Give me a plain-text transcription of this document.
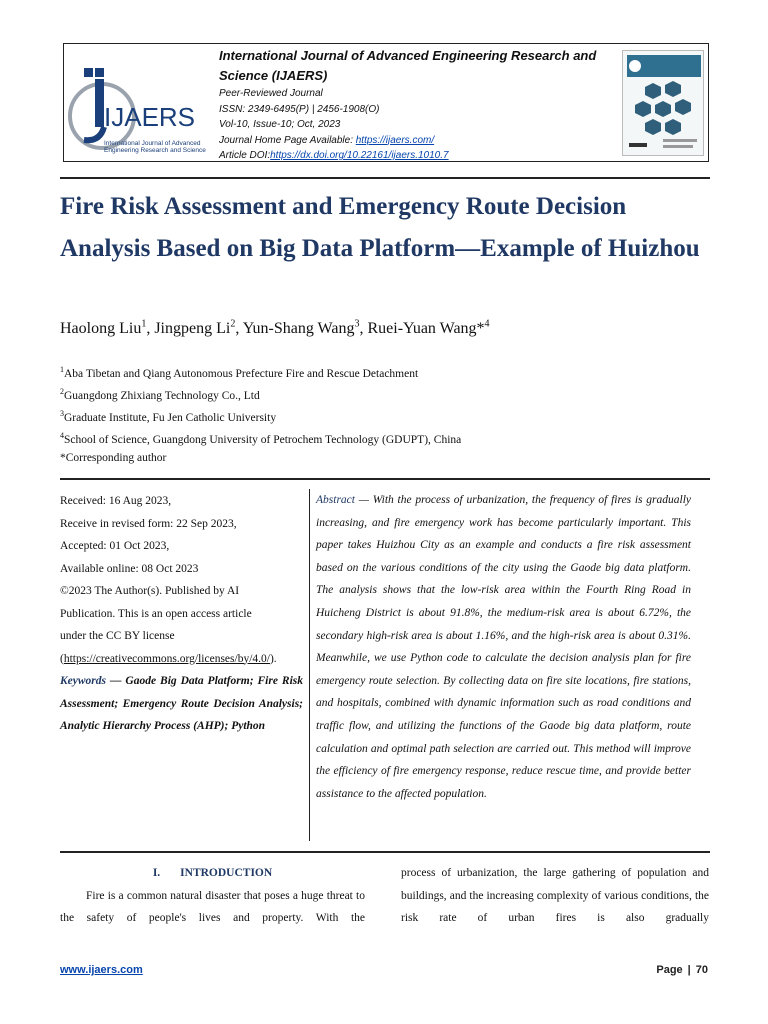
IJAERS
International Journal of Advanced Engineering Research and Science
International Journal of Advanced Engineering Research and Science (IJAERS)
Peer-Reviewed Journal
ISSN: 2349-6495(P) | 2456-1908(O)
Vol-10, Issue-10; Oct, 2023
Journal Home Page Available: https://ijaers.com/
Article DOI:https://dx.doi.org/10.22161/ijaers.1010.7
Fire Risk Assessment and Emergency Route Decision Analysis Based on Big Data Platform—Example of Huizhou
Haolong Liu$^1$, Jingpeng Li$^2$, Yun-Shang Wang$^3$, Ruei-Yuan Wang*$^4$
$^1$Aba Tibetan and Qiang Autonomous Prefecture Fire and Rescue Detachment
$^2$Guangdong Zhixiang Technology Co., Ltd
$^3$Graduate Institute, Fu Jen Catholic University
$^4$School of Science, Guangdong University of Petrochem Technology (GDUPT), China
*Corresponding author
Received: 16 Aug 2023,
Receive in revised form: 22 Sep 2023,
Accepted: 01 Oct 2023,
Available online: 08 Oct 2023
©2023 The Author(s). Published by AI
Publication. This is an open access article
under the CC BY license
(https://creativecommons.org/licenses/by/4.0/).
Keywords — Gaode Big Data Platform; Fire Risk Assessment; Emergency Route Decision Analysis; Analytic Hierarchy Process (AHP); Python
Abstract — With the process of urbanization, the frequency of fires is gradually increasing, and fire emergency work has become particularly important. This paper takes Huizhou City as an example and conducts a fire risk assessment based on the various conditions of the city using the Gaode big data platform. The analysis shows that the low-risk area within the Fourth Ring Road in Huicheng District is about 91.8%, the medium-risk area is about 6.72%, the secondary high-risk area is about 1.16%, and the high-risk area is about 0.31%. Meanwhile, we use Python code to calculate the decision analysis plan for fire emergency route selection. By collecting data on fire site locations, fire stations, and hospitals, combined with dynamic information such as road conditions and traffic flow, and utilizing the functions of the Gaode big data platform, route calculation and optimal path selection are carried out. This method will improve the efficiency of fire emergency response, reduce rescue time, and provide better assistance to the affected population.
I. INTRODUCTION

Fire is a common natural disaster that poses a huge threat to the safety of people's lives and property. With the

process of urbanization, the large gathering of population and buildings, and the increasing complexity of various conditions, the risk rate of urban fires is also gradually

www.ijaers.com	Page | 70
